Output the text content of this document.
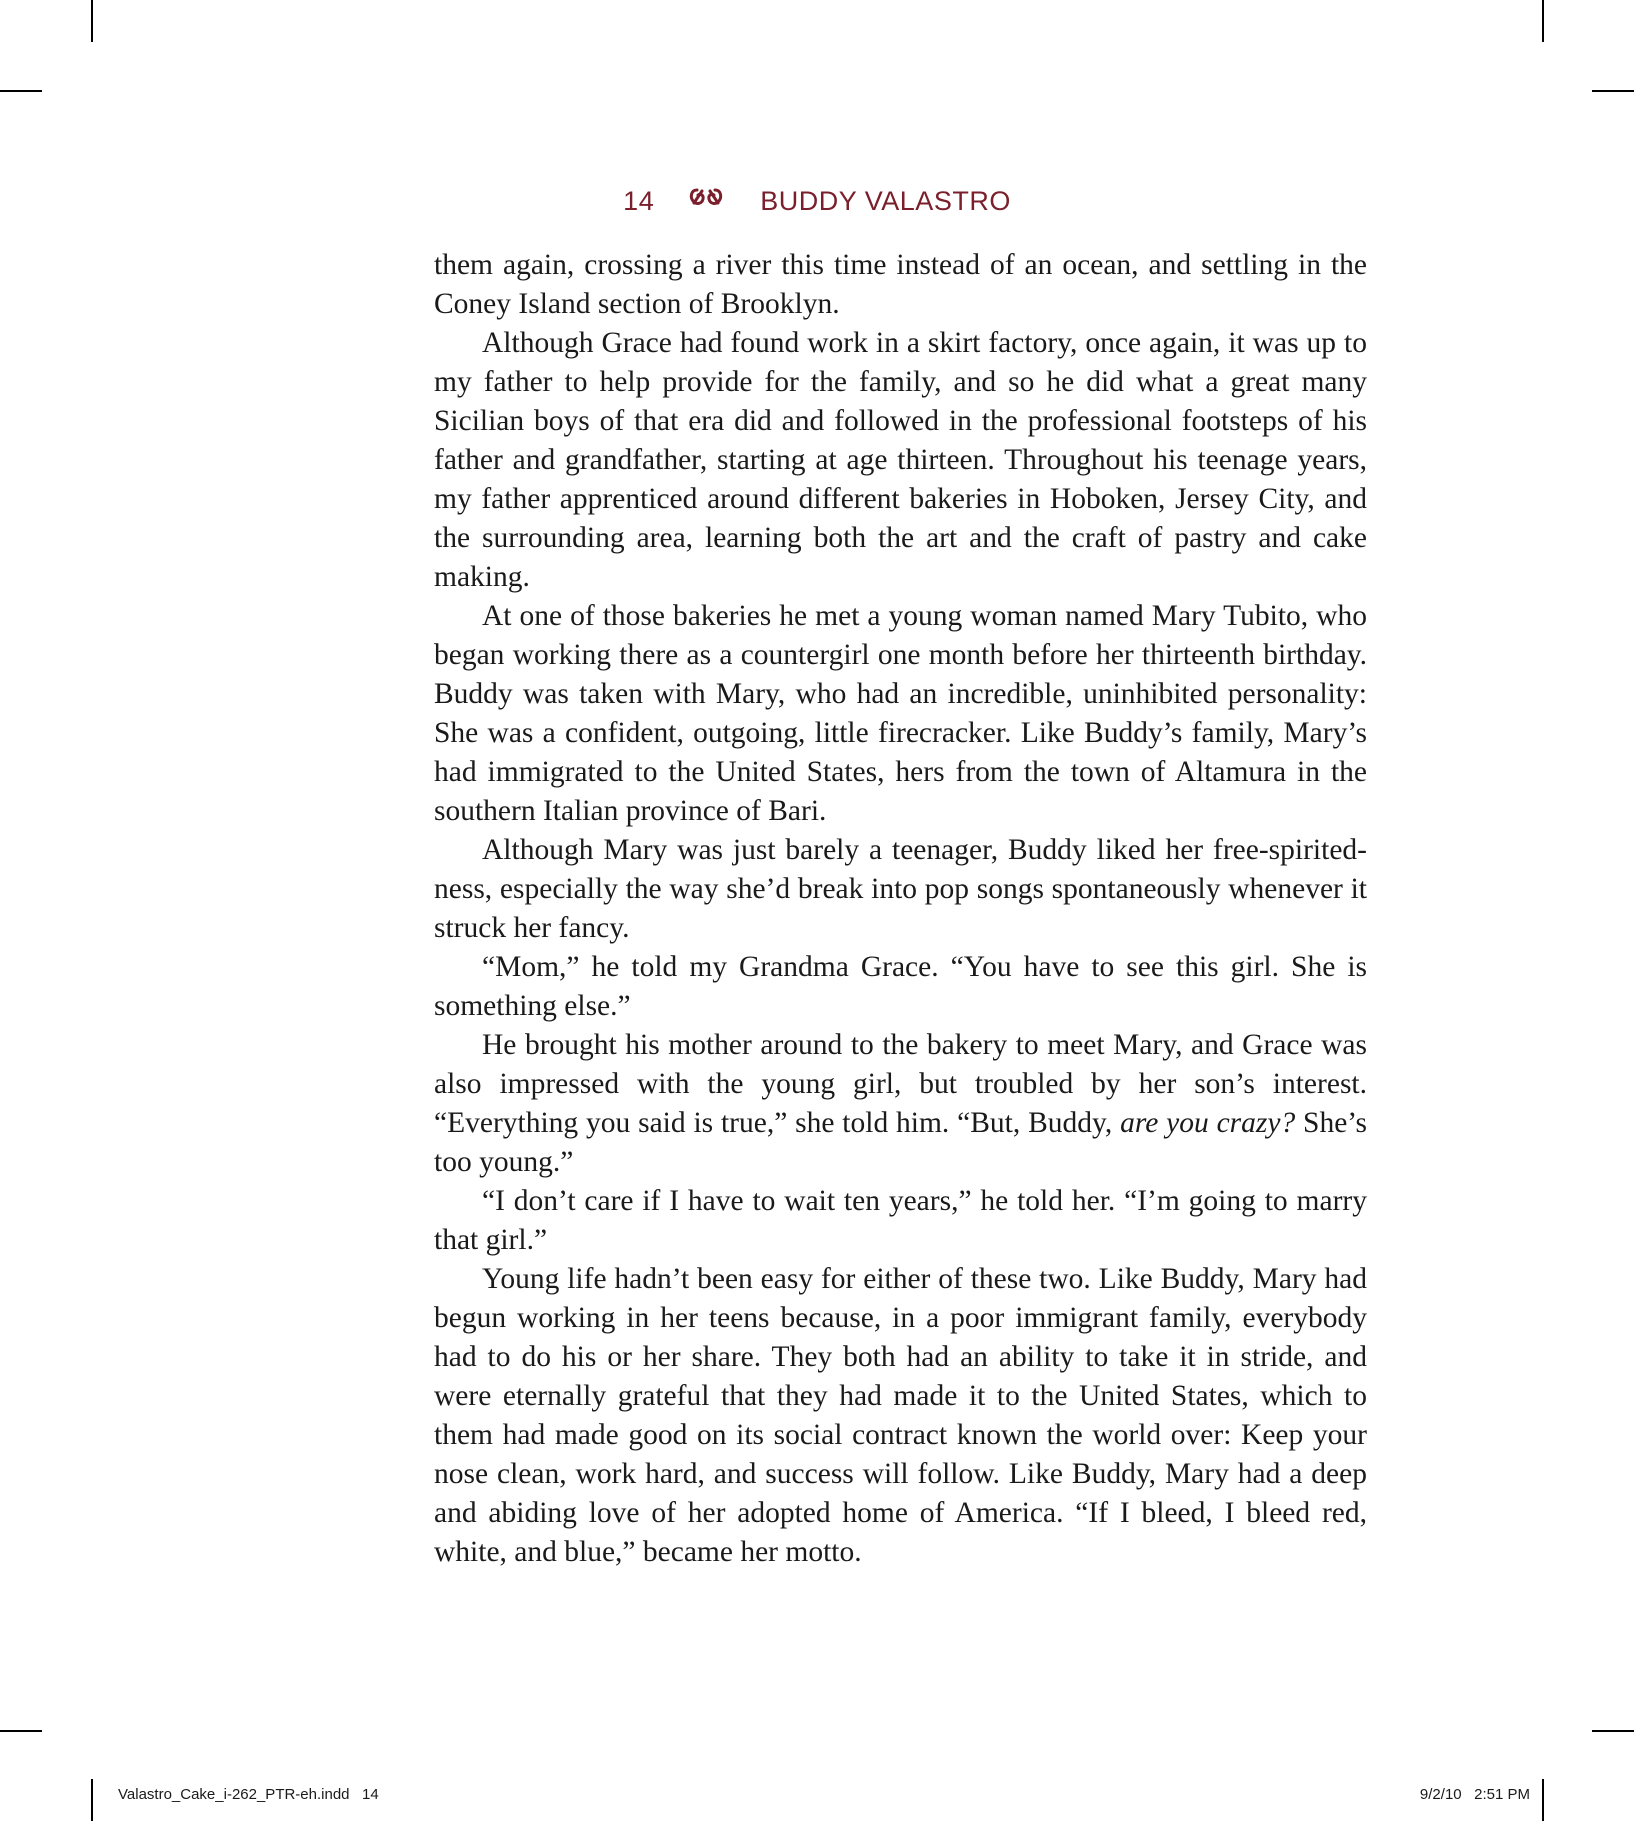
14	BUDDY VALASTRO

them again, crossing a river this time instead of an ocean, and settling in the Coney Island section of Brooklyn.

Although Grace had found work in a skirt factory, once again, it was up to my father to help provide for the family, and so he did what a great many Sicilian boys of that era did and followed in the professional footsteps of his father and grandfather, starting at age thirteen. Throughout his teenage years, my father apprenticed around different bakeries in Hoboken, Jersey City, and the surrounding area, learning both the art and the craft of pastry and cake making.

At one of those bakeries he met a young woman named Mary Tubito, who began working there as a countergirl one month before her thirteenth birthday. Buddy was taken with Mary, who had an incredible, uninhibited personality: She was a confident, outgoing, little firecracker. Like Buddy’s family, Mary’s had immigrated to the United States, hers from the town of Altamura in the southern Italian province of Bari.

Although Mary was just barely a teenager, Buddy liked her free-spiritedness, especially the way she’d break into pop songs spontaneously whenever it struck her fancy.

“Mom,” he told my Grandma Grace. “You have to see this girl. She is something else.”

He brought his mother around to the bakery to meet Mary, and Grace was also impressed with the young girl, but troubled by her son’s interest. “Everything you said is true,” she told him. “But, Buddy, are you crazy? She’s too young.”

“I don’t care if I have to wait ten years,” he told her. “I’m going to marry that girl.”

Young life hadn’t been easy for either of these two. Like Buddy, Mary had begun working in her teens because, in a poor immigrant family, everybody had to do his or her share. They both had an ability to take it in stride, and were eternally grateful that they had made it to the United States, which to them had made good on its social contract known the world over: Keep your nose clean, work hard, and success will follow. Like Buddy, Mary had a deep and abiding love of her adopted home of America. “If I bleed, I bleed red, white, and blue,” became her motto.

Valastro_Cake_i-262_PTR-eh.indd   14	9/2/10   2:51 PM
